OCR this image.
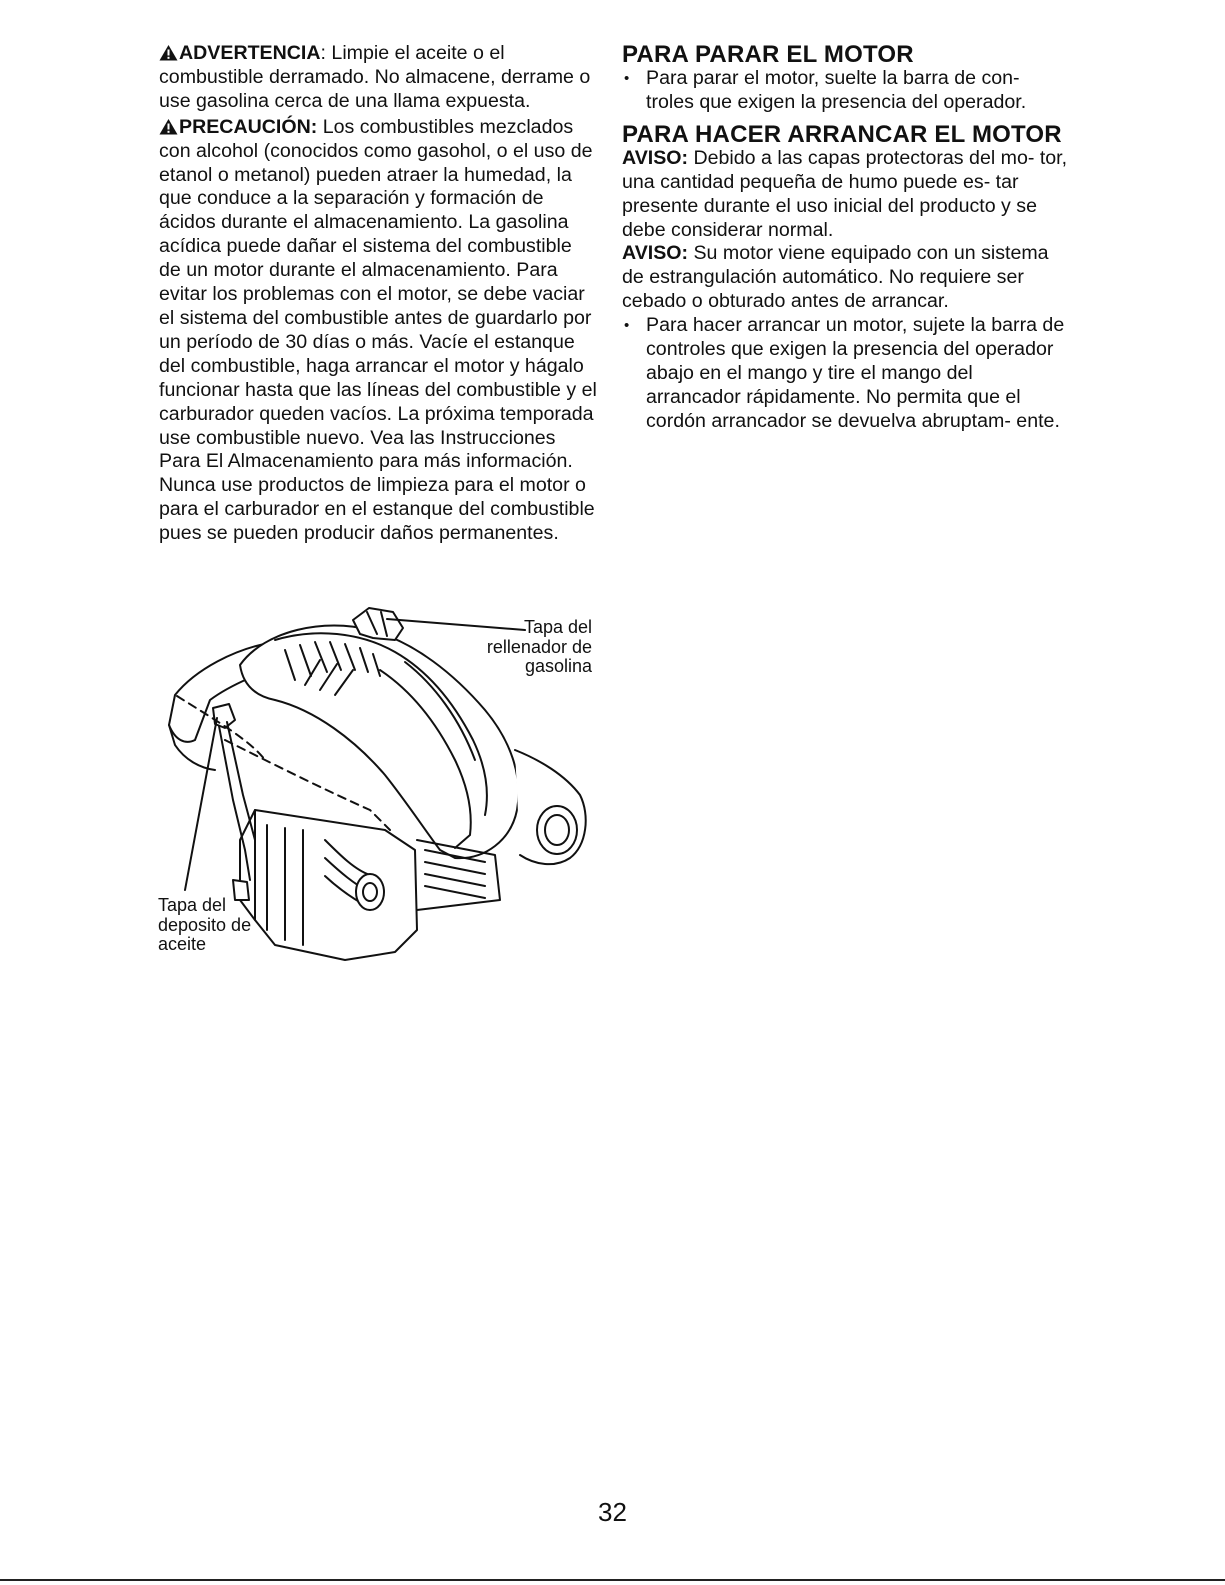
ADVERTENCIA: Limpie el aceite o el combustible derramado. No almacene, derrame o use gasolina cerca de una llama expuesta.

PRECAUCIÓN: Los combustibles mezclados con alcohol (conocidos como gasohol, o el uso de etanol o metanol) pueden atraer la humedad, la que conduce a la separación y formación de ácidos durante el almacenamiento. La gasolina acídica puede dañar el sistema del combustible de un motor durante el almacenamiento. Para evitar los problemas con el motor, se debe vaciar el sistema del combustible antes de guardarlo por un período de 30 días o más. Vacíe el estanque del combustible, haga arrancar el motor y hágalo funcionar hasta que las líneas del combustible y el carburador queden vacíos. La próxima temporada use combustible nuevo. Vea las Instrucciones Para El Almacenamiento para más información. Nunca use productos de limpieza para el motor o para el carburador en el estanque del combustible pues se pueden producir daños permanentes.

PARA PARAR EL MOTOR
• Para parar el motor, suelte la barra de con- troles que exigen la presencia del operador.
PARA HACER ARRANCAR EL MOTOR

AVISO: Debido a las capas protectoras del mo- tor, una cantidad pequeña de humo puede es- tar presente durante el uso inicial del producto y se debe considerar normal.

AVISO: Su motor viene equipado con un sistema de estrangulación automático. No requiere ser cebado o obturado antes de arrancar.

• Para hacer arrancar un motor, sujete la barra de controles que exigen la presencia del operador abajo en el mango y tire el mango del arrancador rápidamente. No permita que el cordón arrancador se devuelva abruptam- ente.
Tapa del rellenador de gasolina
Tapa del deposito de aceite
32
